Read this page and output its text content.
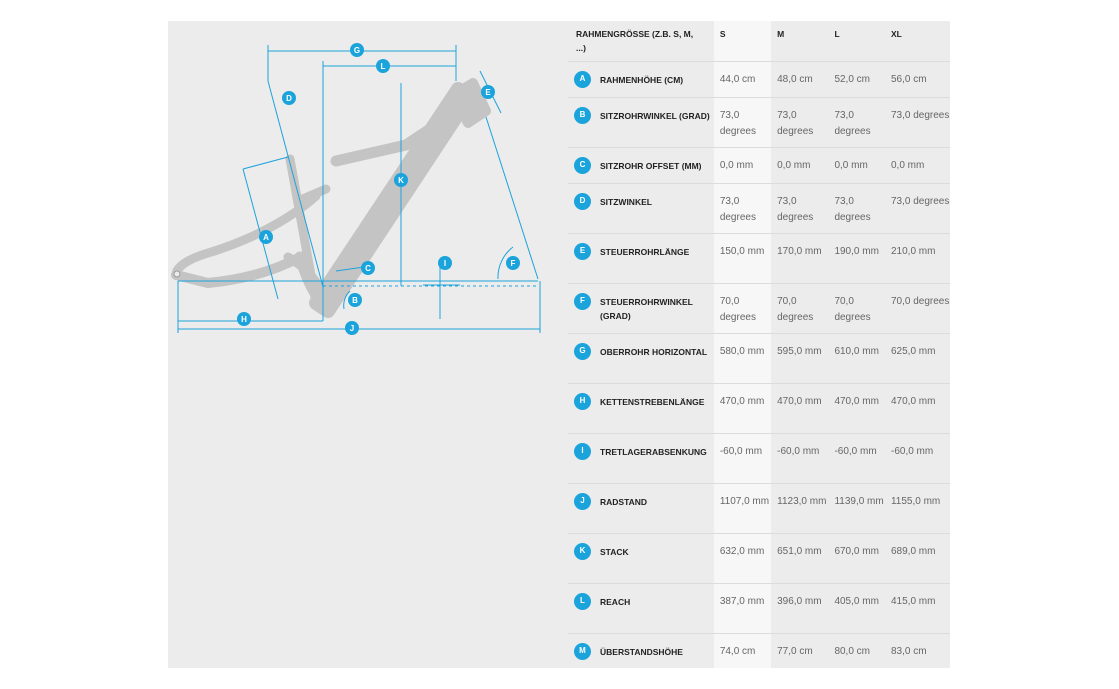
G
L
D
E
K
A
I	F
C
B
H
J
RAHMENGRÖSSE (Z.B. S, M, ...)	S	M	L	XL

A RAHMENHÖHE (CM)	44,0 cm	48,0 cm	52,0 cm	56,0 cm

B SITZROHRWINKEL (GRAD)	73,0 degrees	73,0 degrees	73,0 degrees	73,0 degrees

C SITZROHR OFFSET (MM)	0,0 mm	0,0 mm	0,0 mm	0,0 mm

D SITZWINKEL	73,0 degrees	73,0 degrees	73,0 degrees	73,0 degrees

E STEUERROHRLÄNGE	150,0 mm	170,0 mm	190,0 mm	210,0 mm

F STEUERROHRWINKEL (GRAD)	70,0 degrees	70,0 degrees	70,0 degrees	70,0 degrees

G OBERROHR HORIZONTAL	580,0 mm	595,0 mm	610,0 mm	625,0 mm

H KETTENSTREBENLÄNGE	470,0 mm	470,0 mm	470,0 mm	470,0 mm

I TRETLAGERABSENKUNG	-60,0 mm	-60,0 mm	-60,0 mm	-60,0 mm

J RADSTAND	1107,0 mm	1123,0 mm	1139,0 mm	1155,0 mm

K STACK	632,0 mm	651,0 mm	670,0 mm	689,0 mm

L REACH	387,0 mm	396,0 mm	405,0 mm	415,0 mm

M ÜBERSTANDSHÖHE	74,0 cm	77,0 cm	80,0 cm	83,0 cm
